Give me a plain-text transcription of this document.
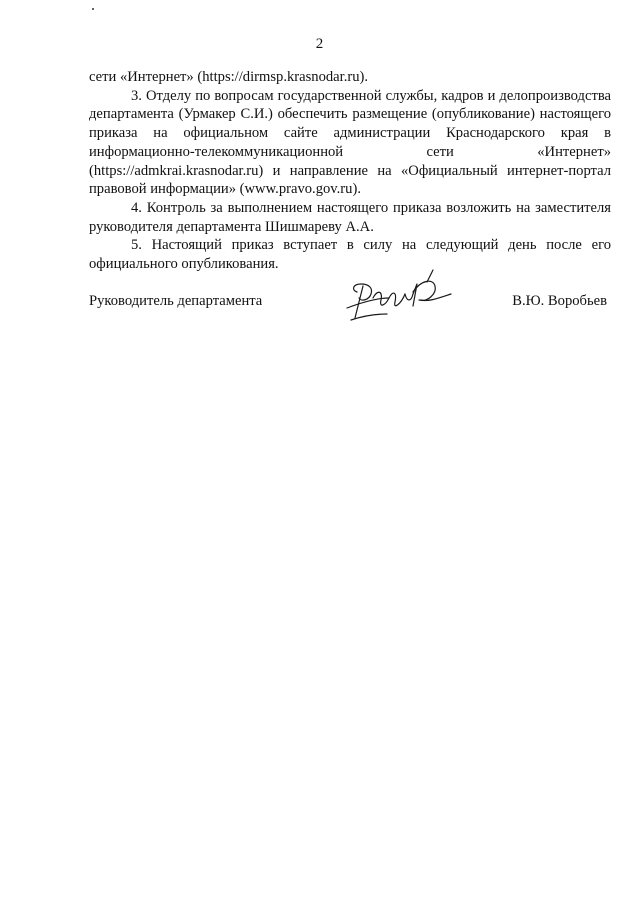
2

сети «Интернет» (https://dirmsp.krasnodar.ru).

3. Отделу по вопросам государственной службы, кадров и делопроизводства департамента (Урмакер С.И.) обеспечить размещение (опубликование) настоящего приказа на официальном сайте администрации Краснодарского края в информационно-телекоммуникационной сети «Интернет» (https://admkrai.krasnodar.ru) и направление на «Официальный интернет-портал правовой информации» (www.pravo.gov.ru).

4. Контроль за выполнением настоящего приказа возложить на заместителя руководителя департамента Шишмареву А.А.

5. Настоящий приказ вступает в силу на следующий день после его официального опубликования.

Руководитель департамента	В.Ю. Воробьев
